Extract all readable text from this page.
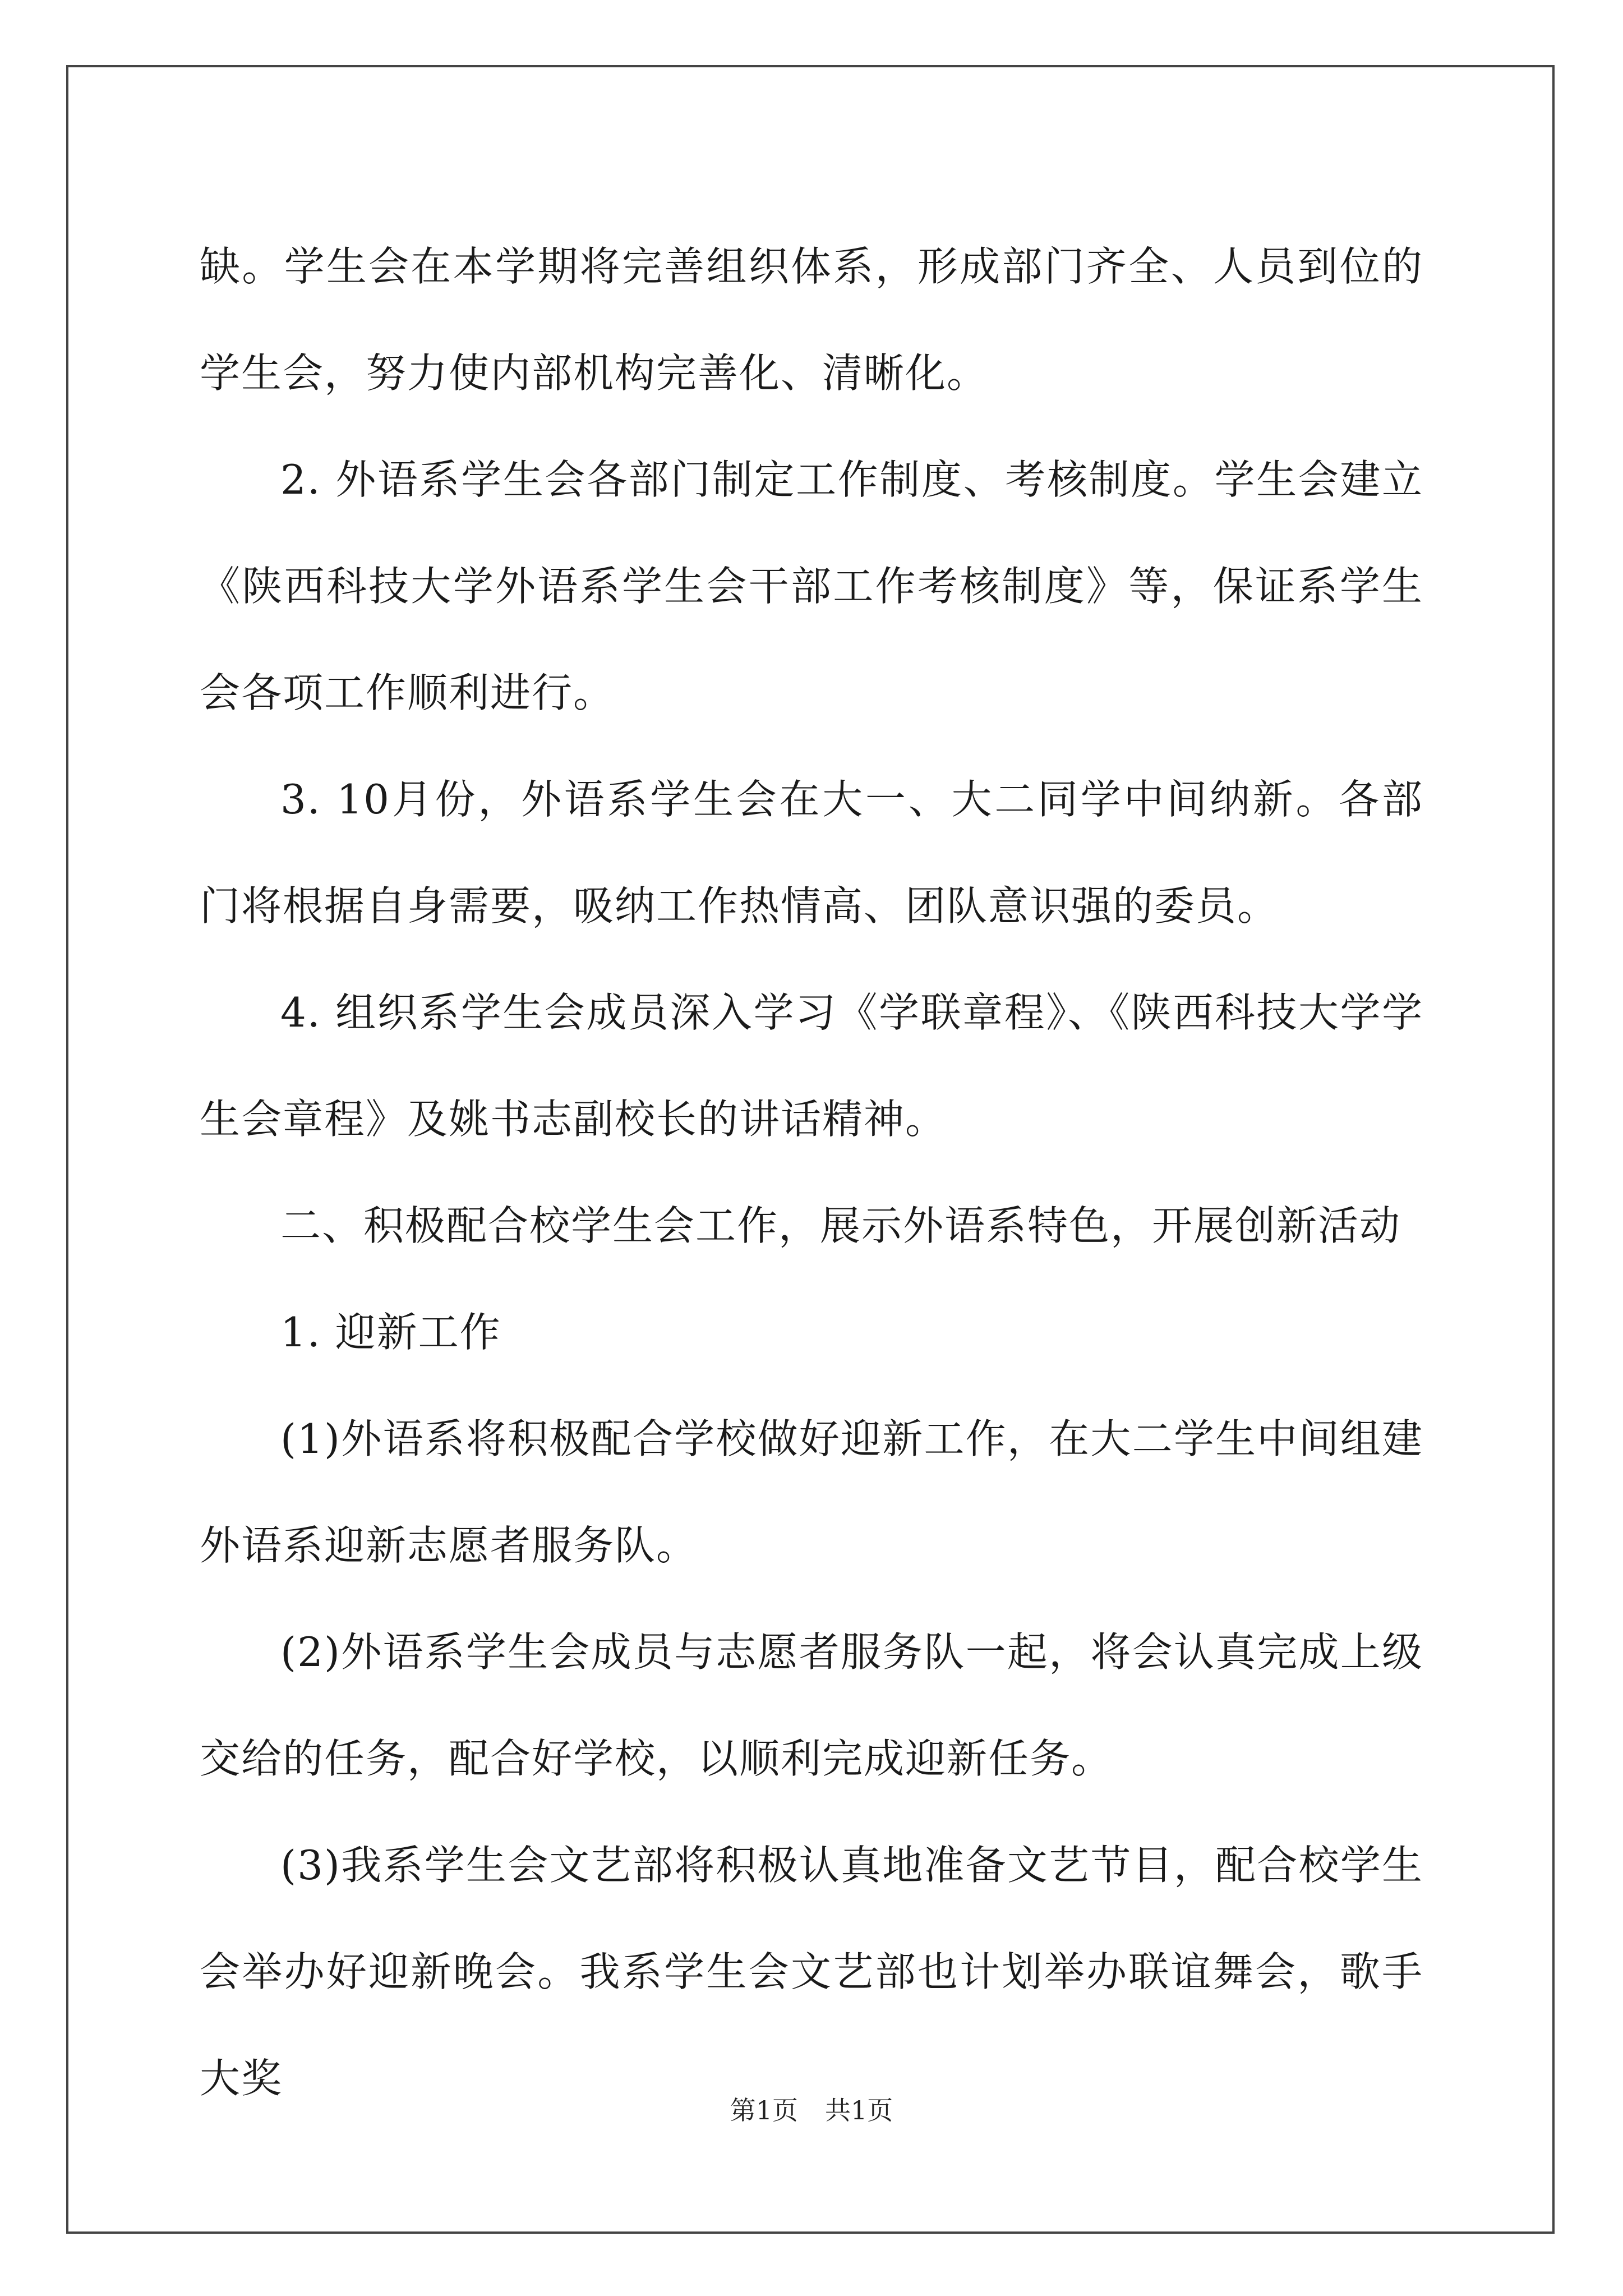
缺。学生会在本学期将完善组织体系，形成部门齐全、人员到位的学生会，努力使内部机构完善化、清晰化。

2. 外语系学生会各部门制定工作制度、考核制度。学生会建立《陕西科技大学外语系学生会干部工作考核制度》等，保证系学生会各项工作顺利进行。

3. 10月份，外语系学生会在大一、大二同学中间纳新。各部门将根据自身需要，吸纳工作热情高、团队意识强的委员。

4. 组织系学生会成员深入学习《学联章程》、《陕西科技大学学生会章程》及姚书志副校长的讲话精神。

二、积极配合校学生会工作，展示外语系特色，开展创新活动

1. 迎新工作

(1)外语系将积极配合学校做好迎新工作，在大二学生中间组建外语系迎新志愿者服务队。

(2)外语系学生会成员与志愿者服务队一起，将会认真完成上级交给的任务，配合好学校，以顺利完成迎新任务。

(3)我系学生会文艺部将积极认真地准备文艺节目，配合校学生会举办好迎新晚会。我系学生会文艺部也计划举办联谊舞会，歌手大奖

第1页 共1页
